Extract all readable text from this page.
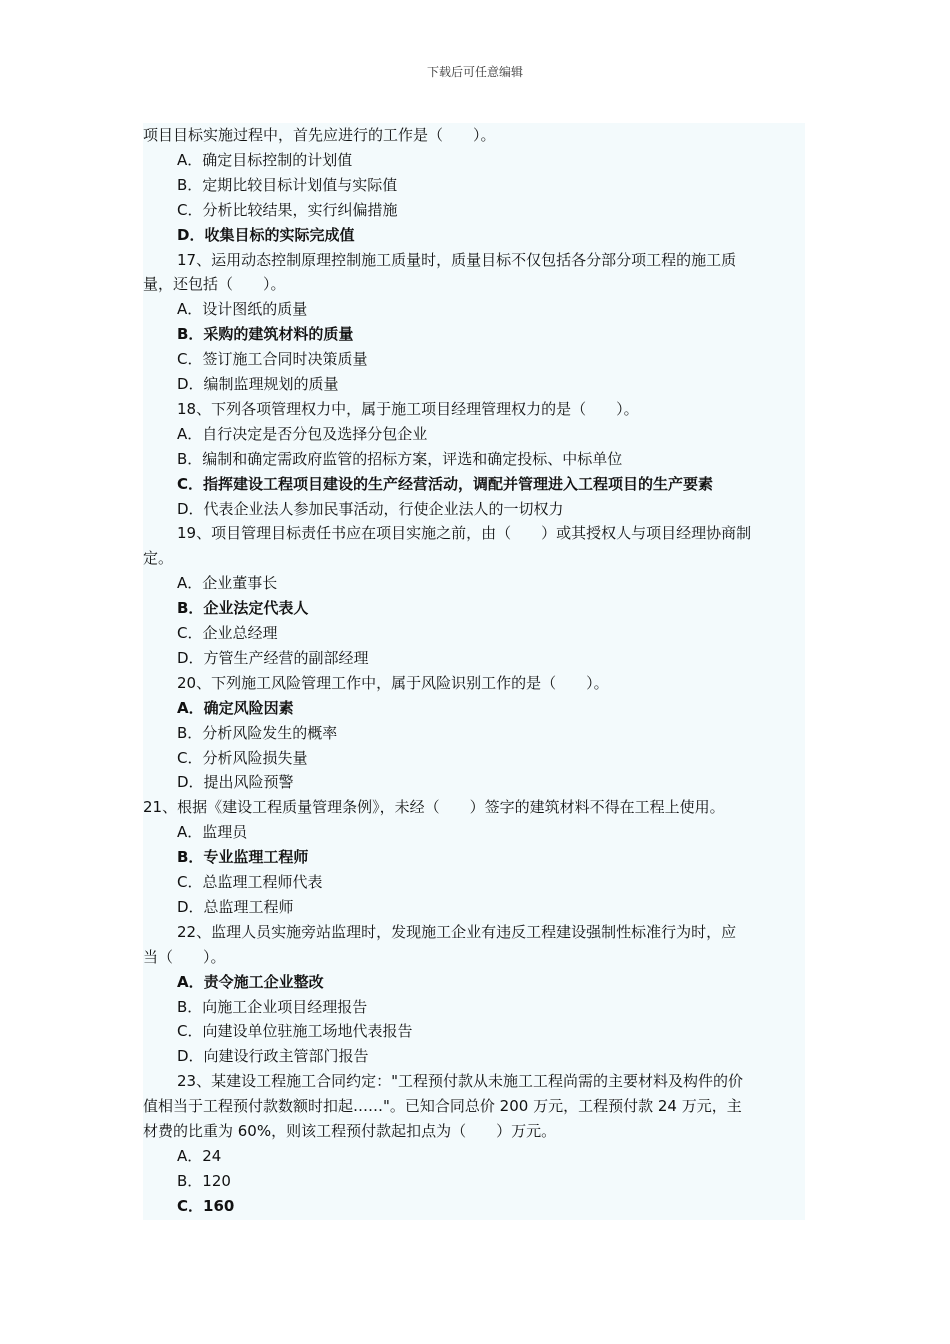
下载后可任意编辑
项目目标实施过程中，首先应进行的工作是（　　）。
A．确定目标控制的计划值
B．定期比较目标计划值与实际值
C．分析比较结果，实行纠偏措施
D．收集目标的实际完成值
17、运用动态控制原理控制施工质量时，质量目标不仅包括各分部分项工程的施工质
量，还包括（　　）。
A．设计图纸的质量
B．采购的建筑材料的质量
C．签订施工合同时决策质量
D．编制监理规划的质量
18、下列各项管理权力中，属于施工项目经理管理权力的是（　　）。
A．自行决定是否分包及选择分包企业
B．编制和确定需政府监管的招标方案，评选和确定投标、中标单位
C．指挥建设工程项目建设的生产经营活动，调配并管理进入工程项目的生产要素
D．代表企业法人参加民事活动，行使企业法人的一切权力
19、项目管理目标责任书应在项目实施之前，由（　　）或其授权人与项目经理协商制
定。
A．企业董事长
B．企业法定代表人
C．企业总经理
D．方管生产经营的副部经理
20、下列施工风险管理工作中，属于风险识别工作的是（　　）。
A．确定风险因素
B．分析风险发生的概率
C．分析风险损失量
D．提出风险预警
21、根据《建设工程质量管理条例》，未经（　　）签字的建筑材料不得在工程上使用。
A．监理员
B．专业监理工程师
C．总监理工程师代表
D．总监理工程师
22、监理人员实施旁站监理时，发现施工企业有违反工程建设强制性标准行为时，应
当（　　）。
A．责令施工企业整改
B．向施工企业项目经理报告
C．向建设单位驻施工场地代表报告
D．向建设行政主管部门报告
23、某建设工程施工合同约定："工程预付款从未施工工程尚需的主要材料及构件的价
值相当于工程预付款数额时扣起……"。已知合同总价 200 万元，工程预付款 24 万元，主
材费的比重为 60%，则该工程预付款起扣点为（　　）万元。
A．24
B．120
C．160
